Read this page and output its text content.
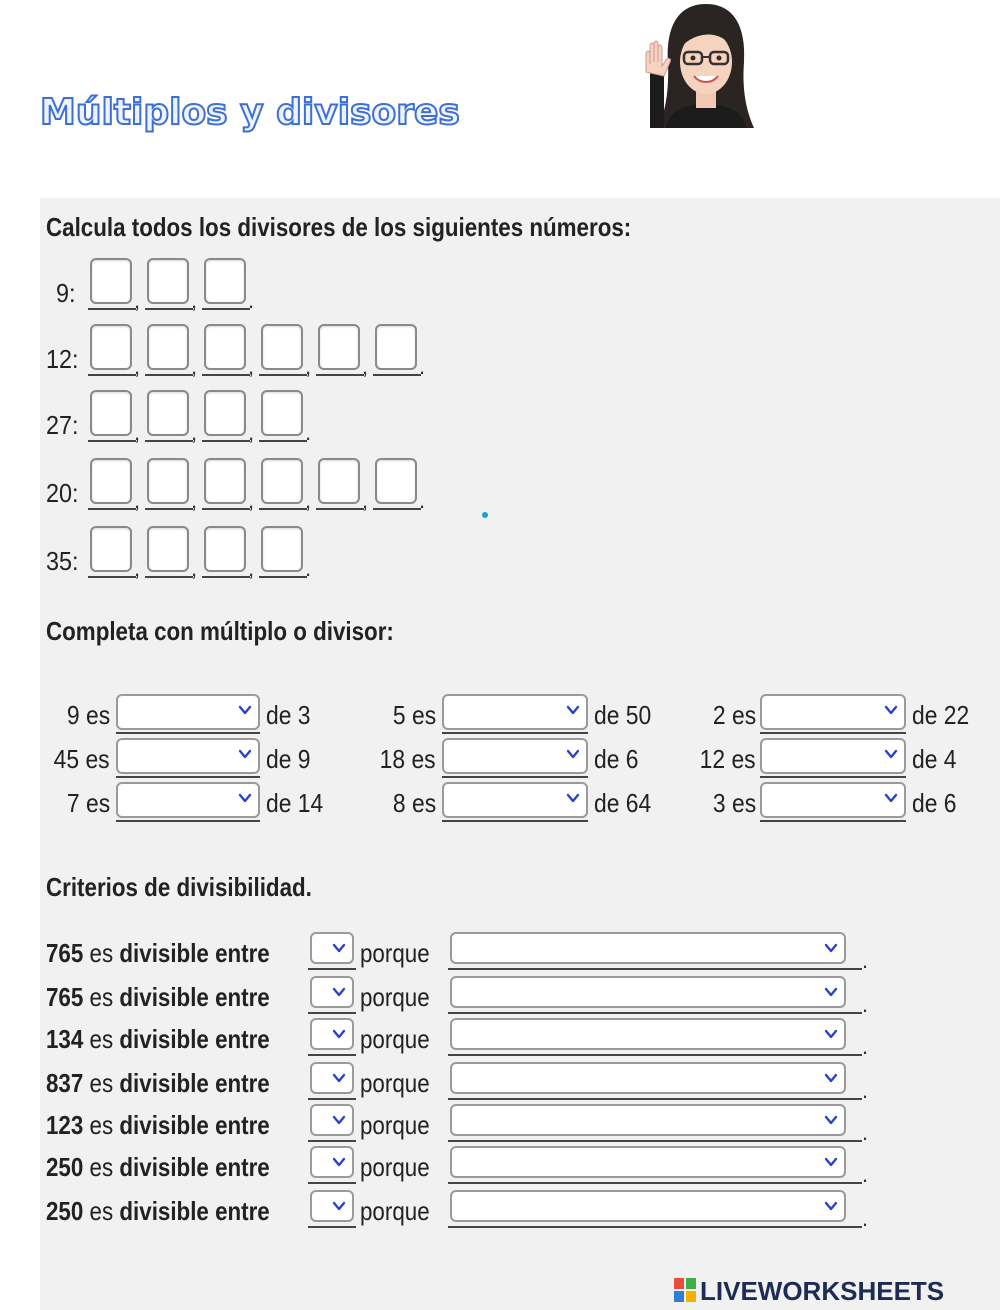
Múltiplos y divisores
Calcula todos los divisores de los siguientes números:
9:	, , .
12:	, , , , , .
27:	, , , .
20:	, , , , , .
35:	, , , .
Completa con múltiplo o divisor:
9 es	de 3	5 es	de 50 2 es	de 22
45 es	de 9	18 es	de 6 12 es	de 4
7 es	de 14	8 es	de 64 3 es	de 6
Criterios de divisibilidad.
765 es divisible entre	porque	.
765 es divisible entre	porque	.
134 es divisible entre	porque	.
837 es divisible entre	porque	.
123 es divisible entre	porque	.
250 es divisible entre	porque	.
250 es divisible entre	porque	.
LIVEWORKSHEETS
